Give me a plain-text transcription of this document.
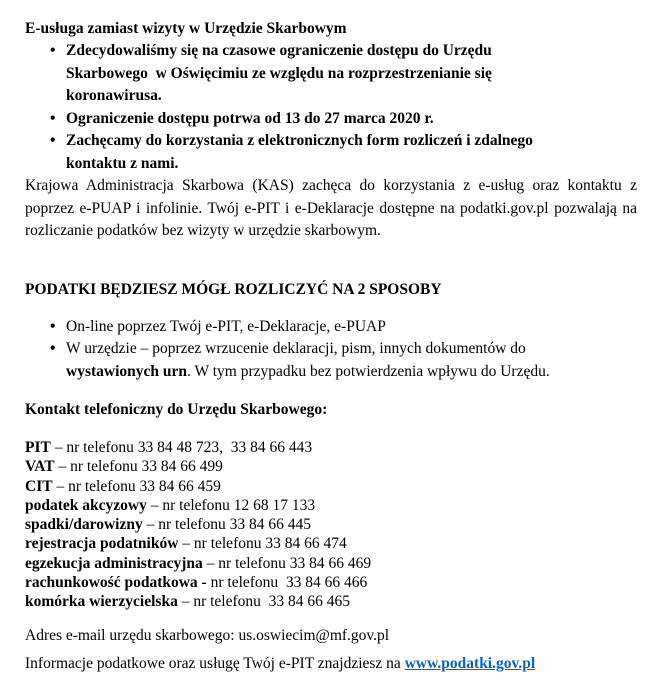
E-usługa zamiast wizyty w Urzędzie Skarbowym
• Zdecydowaliśmy się na czasowe ograniczenie dostępu do Urzędu Skarbowego  w Oświęcimiu ze względu na rozprzestrzenianie się koronawirusa.
• Ograniczenie dostępu potrwa od 13 do 27 marca 2020 r.
• Zachęcamy do korzystania z elektronicznych form rozliczeń i zdalnego kontaktu z nami.

Krajowa Administracja Skarbowa (KAS) zachęca do korzystania z e-usług oraz kontaktu z poprzez e-PUAP i infolinie. Twój e-PIT i e-Deklaracje dostępne na podatki.gov.pl pozwalają na rozliczanie podatków bez wizyty w urzędzie skarbowym.

PODATKI BĘDZIESZ MÓGŁ ROZLICZYĆ NA 2 SPOSOBY
• On-line poprzez Twój e-PIT, e-Deklaracje, e-PUAP
• W urzędzie – poprzez wrzucenie deklaracji, pism, innych dokumentów do wystawionych urn. W tym przypadku bez potwierdzenia wpływu do Urzędu.
Kontakt telefoniczny do Urzędu Skarbowego:
PIT – nr telefonu 33 84 48 723,  33 84 66 443
VAT – nr telefonu 33 84 66 499
CIT – nr telefonu 33 84 66 459
podatek akcyzowy – nr telefonu 12 68 17 133
spadki/darowizny – nr telefonu 33 84 66 445
rejestracja podatników – nr telefonu 33 84 66 474
egzekucja administracyjna – nr telefonu 33 84 66 469
rachunkowość podatkowa - nr telefonu  33 84 66 466
komórka wierzycielska – nr telefonu  33 84 66 465

Adres e-mail urzędu skarbowego: us.oswiecim@mf.gov.pl

Informacje podatkowe oraz usługę Twój e-PIT znajdziesz na www.podatki.gov.pl
